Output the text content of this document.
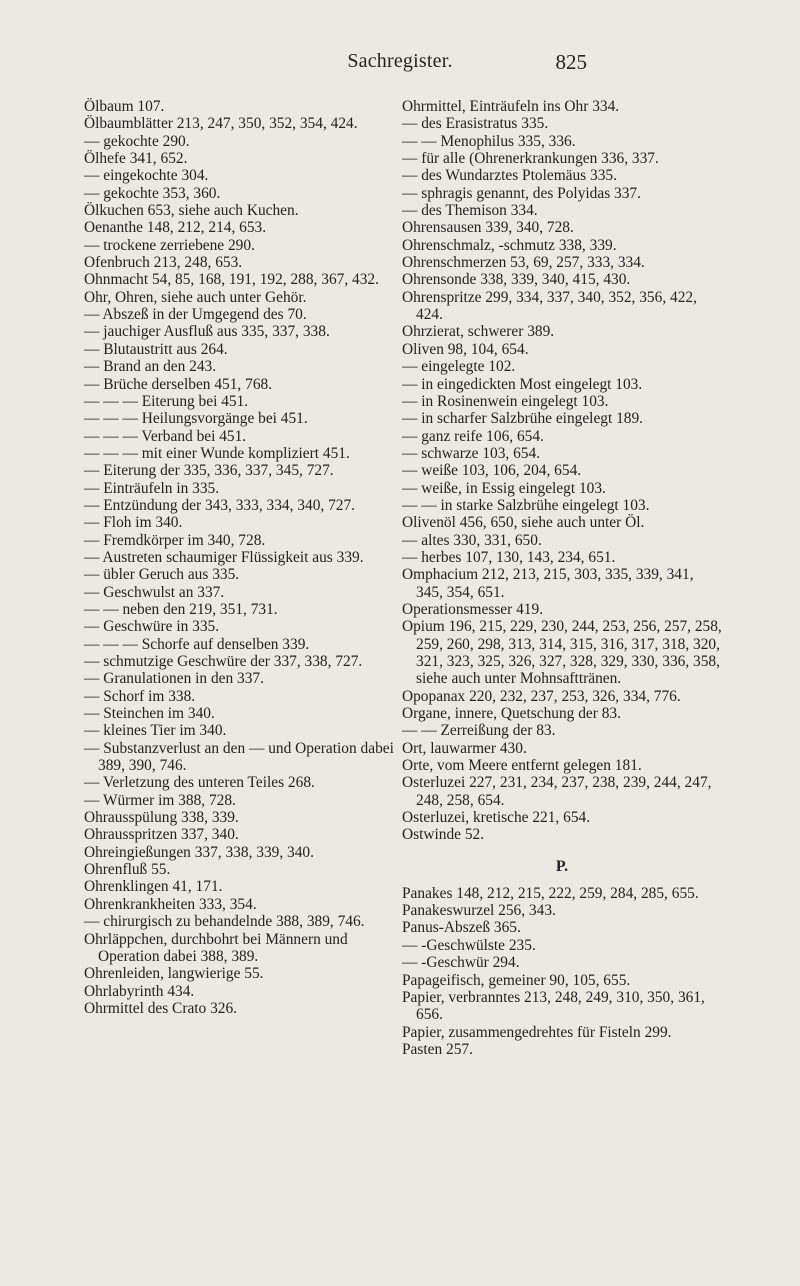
Sachregister.	825
Ölbaum 107.
Ölbaumblätter 213, 247, 350, 352, 354, 424.
— gekochte 290.
Ölhefe 341, 652.
— eingekochte 304.
— gekochte 353, 360.
Ölkuchen 653, siehe auch Kuchen.
Oenanthe 148, 212, 214, 653.
— trockene zerriebene 290.
Ofenbruch 213, 248, 653.
Ohnmacht 54, 85, 168, 191, 192, 288, 367, 432.
Ohr, Ohren, siehe auch unter Gehör.
— Abszeß in der Umgegend des 70.
— jauchiger Ausfluß aus 335, 337, 338.
— Blutaustritt aus 264.
— Brand an den 243.
— Brüche derselben 451, 768.
— — — Eiterung bei 451.
— — — Heilungsvorgänge bei 451.
— — — Verband bei 451.
— — — mit einer Wunde kompliziert 451.
— Eiterung der 335, 336, 337, 345, 727.
— Einträufeln in 335.
— Entzündung der 343, 333, 334, 340, 727.
— Floh im 340.
— Fremdkörper im 340, 728.
— Austreten schaumiger Flüssigkeit aus 339.
— übler Geruch aus 335.
— Geschwulst an 337.
— — neben den 219, 351, 731.
— Geschwüre in 335.
— — — Schorfe auf denselben 339.
— schmutzige Geschwüre der 337, 338, 727.
— Granulationen in den 337.
— Schorf im 338.
— Steinchen im 340.
— kleines Tier im 340.
— Substanzverlust an den — und Operation dabei 389, 390, 746.
— Verletzung des unteren Teiles 268.
— Würmer im 388, 728.
Ohrausspülung 338, 339.
Ohrausspritzen 337, 340.
Ohreingießungen 337, 338, 339, 340.
Ohrenfluß 55.
Ohrenklingen 41, 171.
Ohrenkrankheiten 333, 354.
— chirurgisch zu behandelnde 388, 389, 746.
Ohrläppchen, durchbohrt bei Männern und Operation dabei 388, 389.
Ohrenleiden, langwierige 55.
Ohrlabyrinth 434.
Ohrmittel des Crato 326.
Ohrmittel, Einträufeln ins Ohr 334.
— des Erasistratus 335.
— — Menophilus 335, 336.
— für alle (Ohrenerkrankungen 336, 337.
— des Wundarztes Ptolemäus 335.
— sphragis genannt, des Polyidas 337.
— des Themison 334.
Ohrensausen 339, 340, 728.
Ohrenschmalz, -schmutz 338, 339.
Ohrenschmerzen 53, 69, 257, 333, 334.
Ohrensonde 338, 339, 340, 415, 430.
Ohrenspritze 299, 334, 337, 340, 352, 356, 422, 424.
Ohrzierat, schwerer 389.
Oliven 98, 104, 654.
— eingelegte 102.
— in eingedickten Most eingelegt 103.
— in Rosinenwein eingelegt 103.
— in scharfer Salzbrühe eingelegt 189.
— ganz reife 106, 654.
— schwarze 103, 654.
— weiße 103, 106, 204, 654.
— weiße, in Essig eingelegt 103.
— — in starke Salzbrühe eingelegt 103.
Olivenöl 456, 650, siehe auch unter Öl.
— altes 330, 331, 650.
— herbes 107, 130, 143, 234, 651.
Omphacium 212, 213, 215, 303, 335, 339, 341, 345, 354, 651.
Operationsmesser 419.
Opium 196, 215, 229, 230, 244, 253, 256, 257, 258, 259, 260, 298, 313, 314, 315, 316, 317, 318, 320, 321, 323, 325, 326, 327, 328, 329, 330, 336, 358, siehe auch unter Mohnsafttränen.
Opopanax 220, 232, 237, 253, 326, 334, 776.
Organe, innere, Quetschung der 83.
— — Zerreißung der 83.
Ort, lauwarmer 430.
Orte, vom Meere entfernt gelegen 181.
Osterluzei 227, 231, 234, 237, 238, 239, 244, 247, 248, 258, 654.
Osterluzei, kretische 221, 654.
Ostwinde 52.
P.
Panakes 148, 212, 215, 222, 259, 284, 285, 655.
Panakeswurzel 256, 343.
Panus-Abszeß 365.
— -Geschwülste 235.
— -Geschwür 294.
Papageifisch, gemeiner 90, 105, 655.
Papier, verbranntes 213, 248, 249, 310, 350, 361, 656.
Papier, zusammengedrehtes für Fisteln 299.
Pasten 257.
